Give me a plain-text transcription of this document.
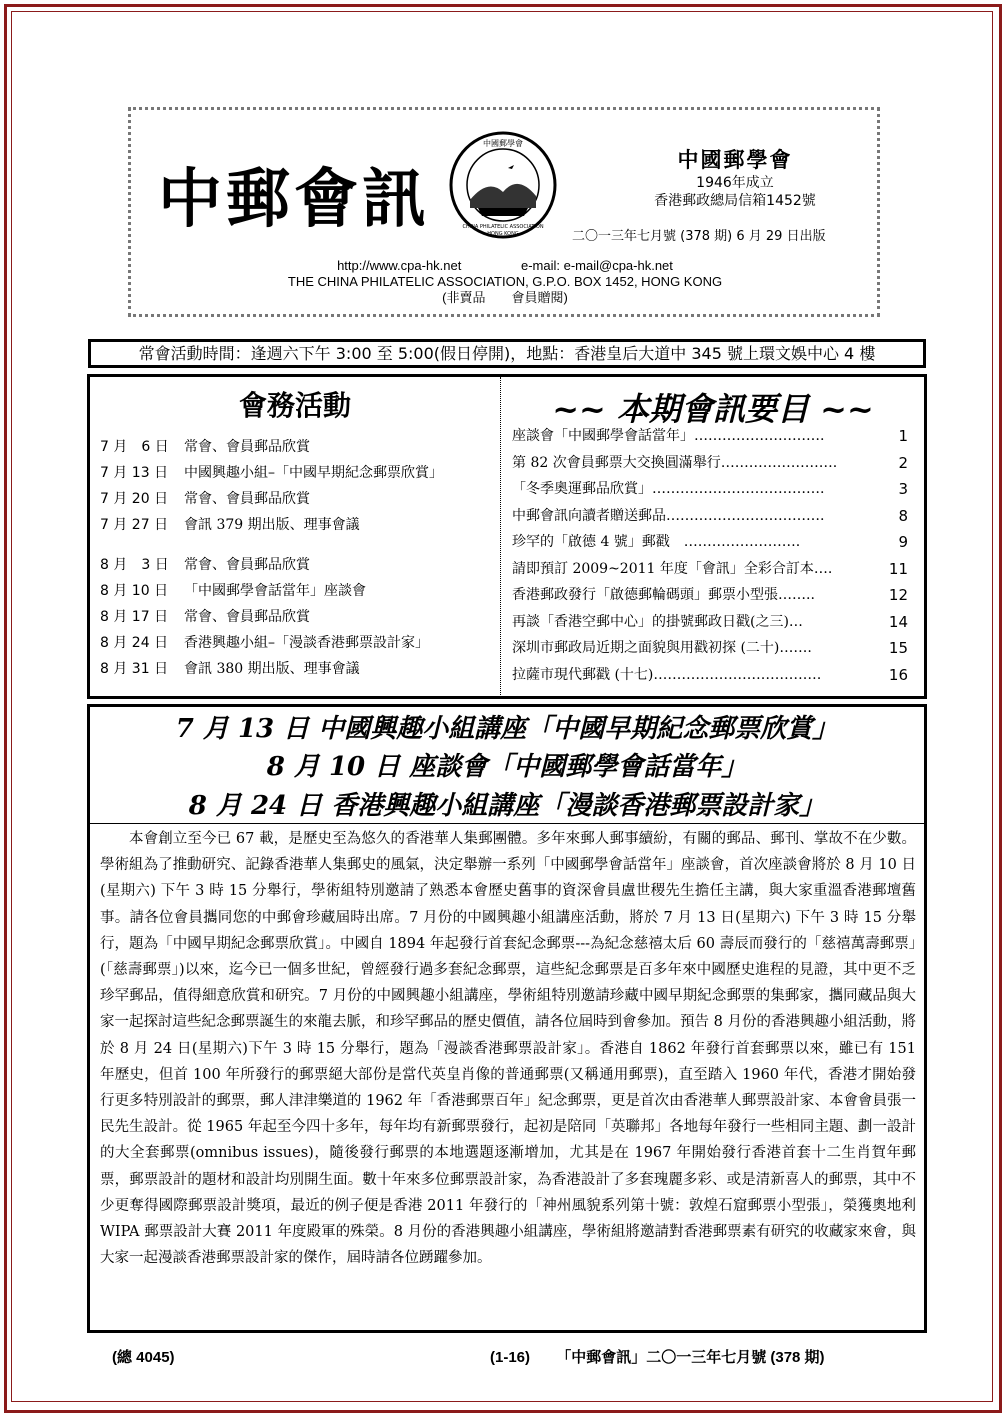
中郵會訊
中國郵學會
CHINA PHILATELIC ASSOCIATION
HONG KONG
中國郵學會
1946年成立
香港郵政總局信箱1452號
二〇一三年七月號 (378 期) 6 月 29 日出版
http://www.cpa-hk.net	e-mail: e-mail@cpa-hk.net
THE CHINA PHILATELIC ASSOCIATION, G.P.O. BOX 1452, HONG KONG
(非賣品　　會員贈閱)
常會活動時間：逢週六下午 3:00 至 5:00(假日停開)，地點：香港皇后大道中 345 號上環文娛中心 4 樓
會務活動
7 月　6 日 常會、會員郵品欣賞
7 月 13 日 中國興趣小組–「中國早期紀念郵票欣賞」
7 月 20 日 常會、會員郵品欣賞
7 月 27 日 會訊 379 期出版、理事會議
8 月　3 日 常會、會員郵品欣賞
8 月 10 日 「中國郵學會話當年」座談會
8 月 17 日 常會、會員郵品欣賞
8 月 24 日 香港興趣小組–「漫談香港郵票設計家」
8 月 31 日 會訊 380 期出版、理事會議
~~ 本期會訊要目 ~~
座談會「中國郵學會話當年」……………………….	1
第 82 次會員郵票大交換圓滿舉行…………………….	2
「冬季奧運郵品欣賞」……………………………….	3
中郵會訊向讀者贈送郵品…………………………….	8
珍罕的「啟德 4 號」郵戳　…………………….	9
請即預訂 2009~2011 年度「會訊」全彩合訂本….	11
香港郵政發行「啟德郵輪碼頭」郵票小型張……..	12
再談「香港空郵中心」的掛號郵政日戳(之三)…	14
深圳市郵政局近期之面貌與用戳初探 (二十)…….	15
拉薩市現代郵戳 (十七)………………………………	16
7 月 13 日 中國興趣小組講座「中國早期紀念郵票欣賞」
8 月 10 日 座談會「中國郵學會話當年」
8 月 24 日 香港興趣小組講座「漫談香港郵票設計家」
本會創立至今已 67 載，是歷史至為悠久的香港華人集郵團體。多年來郵人郵事續紛，有關的郵品、郵刊、掌故不在少數。學術組為了推動研究、記錄香港華人集郵史的風氣，決定舉辦一系列「中國郵學會話當年」座談會，首次座談會將於 8 月 10 日(星期六) 下午 3 時 15 分舉行，學術組特別邀請了熟悉本會歷史舊事的資深會員盧世稷先生擔任主講，與大家重溫香港郵壇舊事。請各位會員攜同您的中郵會珍藏屆時出席。7 月份的中國興趣小組講座活動，將於 7 月 13 日(星期六) 下午 3 時 15 分舉行，題為「中國早期紀念郵票欣賞」。中國自 1894 年起發行首套紀念郵票---為紀念慈禧太后 60 壽辰而發行的「慈禧萬壽郵票」(「慈壽郵票」)以來，迄今已一個多世紀，曾經發行過多套紀念郵票，這些紀念郵票是百多年來中國歷史進程的見證，其中更不乏珍罕郵品，值得細意欣賞和研究。7 月份的中國興趣小組講座，學術組特別邀請珍藏中國早期紀念郵票的集郵家，攜同藏品與大家一起探討這些紀念郵票誕生的來龍去脈，和珍罕郵品的歷史價值，請各位屆時到會參加。預告 8 月份的香港興趣小組活動，將於 8 月 24 日(星期六)下午 3 時 15 分舉行，題為「漫談香港郵票設計家」。香港自 1862 年發行首套郵票以來，雖已有 151 年歷史，但首 100 年所發行的郵票絕大部份是當代英皇肖像的普通郵票(又稱通用郵票)，直至踏入 1960 年代，香港才開始發行更多特別設計的郵票，郵人津津樂道的 1962 年「香港郵票百年」紀念郵票，更是首次由香港華人郵票設計家、本會會員張一民先生設計。從 1965 年起至今四十多年，每年均有新郵票發行，起初是陪同「英聯邦」各地每年發行一些相同主題、劃一設計的大全套郵票(omnibus issues)，隨後發行郵票的本地選題逐漸增加，尤其是在 1967 年開始發行香港首套十二生肖賀年郵票，郵票設計的題材和設計均別開生面。數十年來多位郵票設計家，為香港設計了多套瑰麗多彩、或是清新喜人的郵票，其中不少更奪得國際郵票設計獎項，最近的例子便是香港 2011 年發行的「神州風貌系列第十號：敦煌石窟郵票小型張」，榮獲奧地利 WIPA 郵票設計大賽 2011 年度殿軍的殊榮。8 月份的香港興趣小組講座，學術組將邀請對香港郵票素有研究的收藏家來會，與大家一起漫談香港郵票設計家的傑作，屆時請各位踴躍參加。
(總 4045)	(1-16) 「中郵會訊」二〇一三年七月號 (378 期)
